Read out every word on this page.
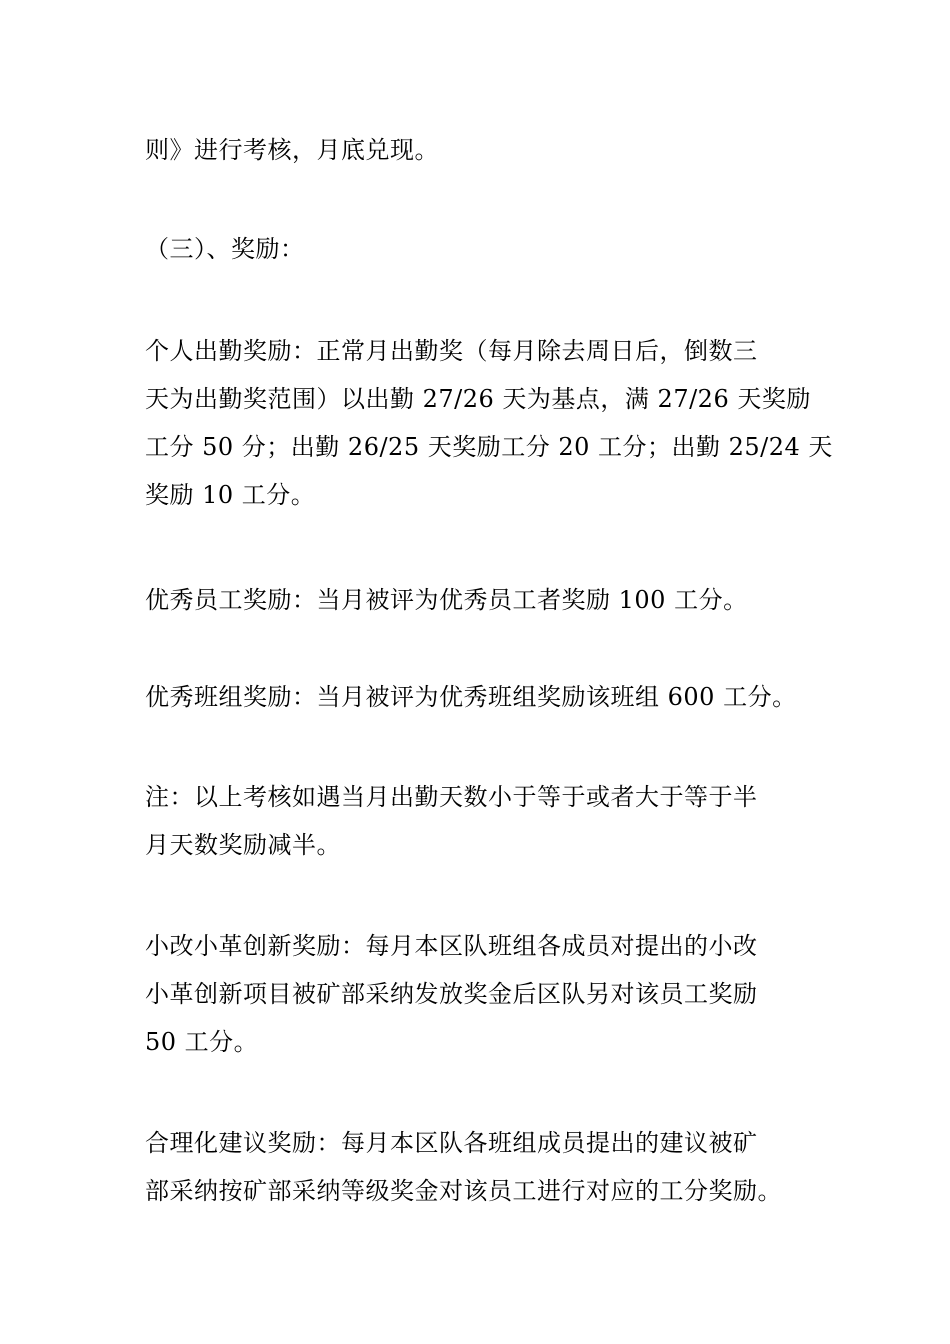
则》进行考核，月底兑现。

（三）、奖励：

个人出勤奖励：正常月出勤奖（每月除去周日后，倒数三
天为出勤奖范围）以出勤 27/26 天为基点，满 27/26 天奖励
工分 50 分；出勤 26/25 天奖励工分 20 工分；出勤 25/24 天
奖励 10 工分。

优秀员工奖励：当月被评为优秀员工者奖励 100 工分。

优秀班组奖励：当月被评为优秀班组奖励该班组 600 工分。

注：以上考核如遇当月出勤天数小于等于或者大于等于半
月天数奖励减半。

小改小革创新奖励：每月本区队班组各成员对提出的小改
小革创新项目被矿部采纳发放奖金后区队另对该员工奖励
50 工分。

合理化建议奖励：每月本区队各班组成员提出的建议被矿
部采纳按矿部采纳等级奖金对该员工进行对应的工分奖励。
